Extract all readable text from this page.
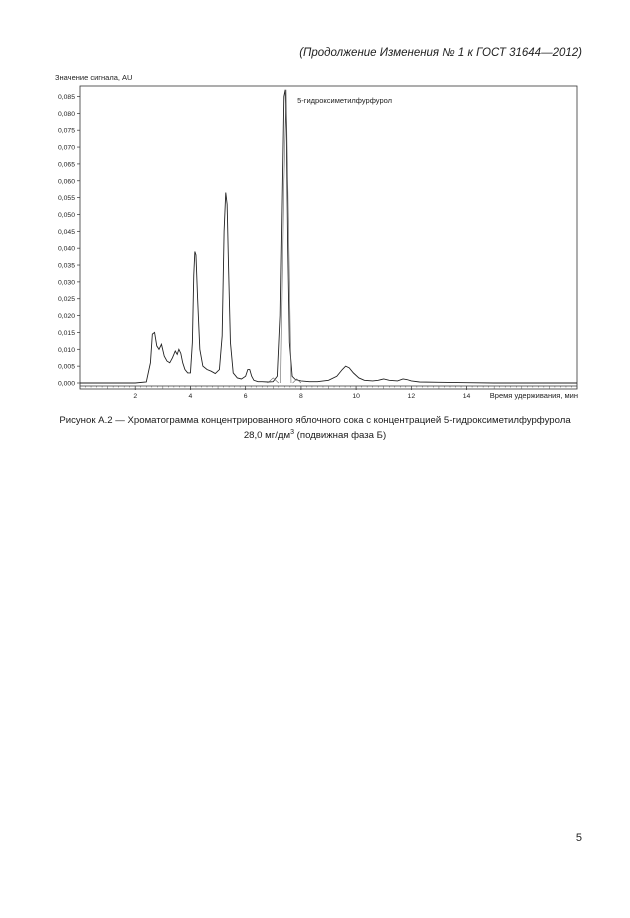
(Продолжение Изменения № 1 к ГОСТ 31644—2012)
Значение сигнала, AU
0,000
0,005
0,010
0,015
0,020
0,025
0,030
0,035
0,040
0,045
0,050
0,055
0,060
0,065
0,070
0,075
0,080
0,085
2	4	6	8	10	12	14
5-гидроксиметилфурфурол
Время удерживания, мин
Рисунок А.2 — Хроматограмма концентрированного яблочного сока с концентрацией 5-гидроксиметилфурфурола
28,0 $мг/дм^3$ (подвижная фаза Б)
5
